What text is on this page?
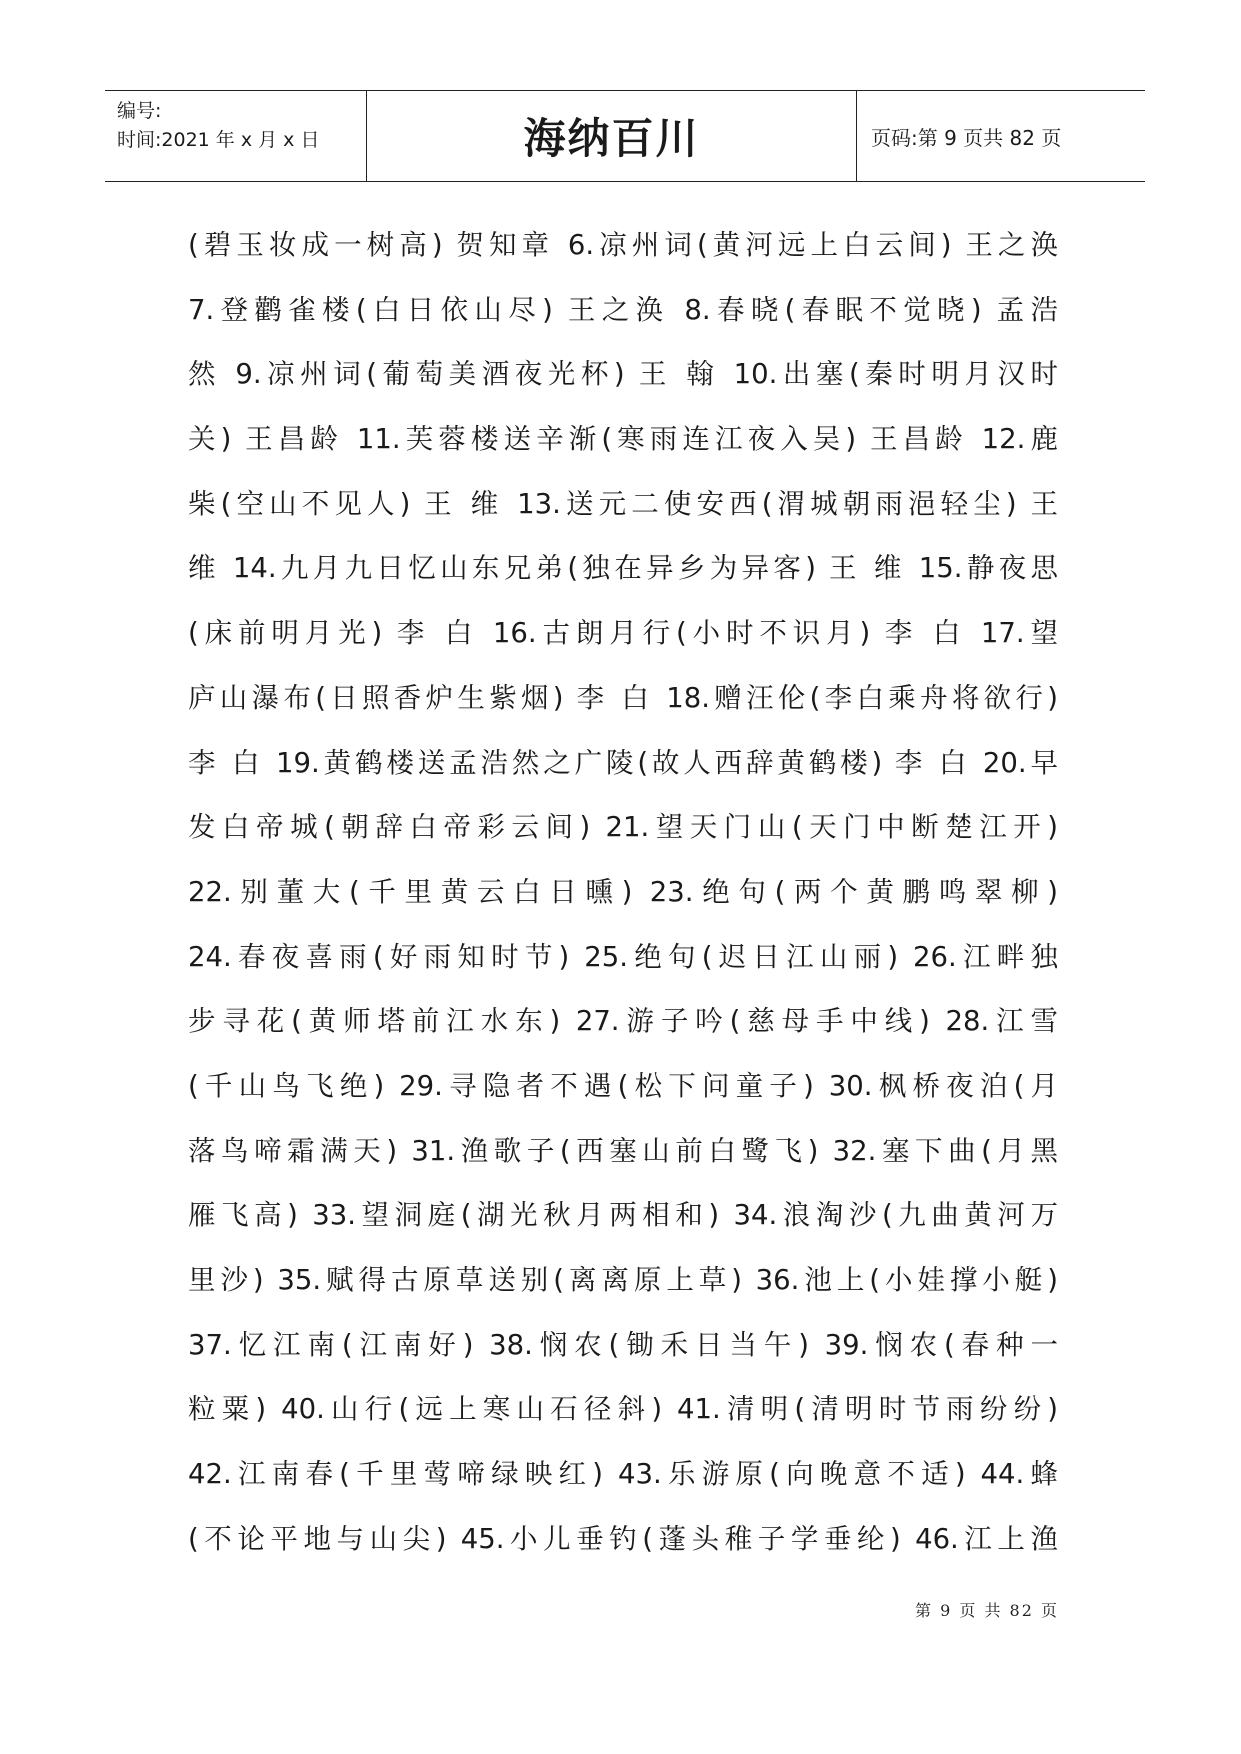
编号:
时间:2021 年 x 月 x 日	海纳百川	页码:第 9 页共 82 页
(碧玉妆成一树高) 贺知章 6.凉州词(黄河远上白云间) 王之涣
7.登鹳雀楼(白日依山尽) 王之涣 8.春晓(春眠不觉晓) 孟浩
然 9.凉州词(葡萄美酒夜光杯) 王 翰 10.出塞(秦时明月汉时
关) 王昌龄 11.芙蓉楼送辛渐(寒雨连江夜入吴) 王昌龄 12.鹿
柴(空山不见人) 王 维 13.送元二使安西(渭城朝雨浥轻尘) 王
维 14.九月九日忆山东兄弟(独在异乡为异客) 王 维 15.静夜思
(床前明月光) 李 白 16.古朗月行(小时不识月) 李 白 17.望
庐山瀑布(日照香炉生紫烟) 李 白 18.赠汪伦(李白乘舟将欲行)
李 白 19.黄鹤楼送孟浩然之广陵(故人西辞黄鹤楼) 李 白 20.早
发白帝城(朝辞白帝彩云间) 21.望天门山(天门中断楚江开)
22.别董大(千里黄云白日曛) 23.绝句(两个黄鹏鸣翠柳)
24.春夜喜雨(好雨知时节) 25.绝句(迟日江山丽) 26.江畔独
步寻花(黄师塔前江水东) 27.游子吟(慈母手中线) 28.江雪
(千山鸟飞绝) 29.寻隐者不遇(松下问童子) 30.枫桥夜泊(月
落鸟啼霜满天) 31.渔歌子(西塞山前白鹭飞) 32.塞下曲(月黑
雁飞高) 33.望洞庭(湖光秋月两相和) 34.浪淘沙(九曲黄河万
里沙) 35.赋得古原草送别(离离原上草) 36.池上(小娃撑小艇)
37.忆江南(江南好) 38.悯农(锄禾日当午) 39.悯农(春种一
粒粟) 40.山行(远上寒山石径斜) 41.清明(清明时节雨纷纷)
42.江南春(千里莺啼绿映红) 43.乐游原(向晚意不适) 44.蜂
(不论平地与山尖) 45.小儿垂钓(蓬头稚子学垂纶) 46.江上渔
第 9 页 共 82 页
